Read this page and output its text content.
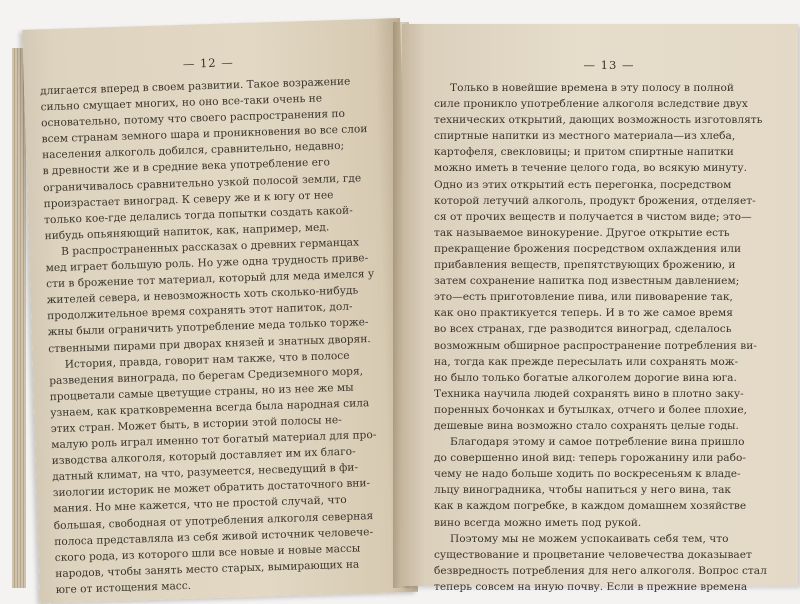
— 12 —

длигается вперед в своем развитии. Такое возражение

сильно смущает многих, но оно все-таки очень не

основательно, потому что своего распространения по

всем странам земного шара и проникновения во все слои

населения алкоголь добился, сравнительно, недавно;

в древности же и в средние века употребление его

ограничивалось сравнительно узкой полосой земли, где

произрастает виноград. К северу же и к югу от нее

только кое-где делались тогда попытки создать какой-

нибудь опьяняющий напиток, как, например, мед.

В распространенных рассказах о древних германцах

мед играет большую роль. Но уже одна трудность приве-

сти в брожение тот материал, который для меда имелся у

жителей севера, и невозможность хоть сколько-нибудь

продолжительное время сохранять этот напиток, дол-

жны были ограничить употребление меда только торже-

ственными пирами при дворах князей и знатных дворян.

История, правда, говорит нам также, что в полосе

разведения винограда, по берегам Средиземного моря,

процветали самые цветущие страны, но из нее же мы

узнаем, как кратковременна всегда была народная сила

этих стран. Может быть, в истории этой полосы не-

малую роль играл именно тот богатый материал для про-

изводства алкоголя, который доставляет им их благо-

датный климат, на что, разумеется, несведущий в фи-

зиологии историк не может обратить достаточного вни-

мания. Но мне кажется, что не простой случай, что

большая, свободная от употребления алкоголя северная

полоса представляла из себя живой источник человече-

ского рода, из которого шли все новые и новые массы

народов, чтобы занять место старых, вымирающих на

юге от истощения масс.

— 13 —

Только в новейшие времена в эту полосу в полной

силе проникло употребление алкоголя вследствие двух

технических открытий, дающих возможность изготовлять

спиртные напитки из местного материала—из хлеба,

картофеля, свекловицы; и притом спиртные напитки

можно иметь в течение целого года, во всякую минуту.

Одно из этих открытий есть перегонка, посредством

которой летучий алкоголь, продукт брожения, отделяет-

ся от прочих веществ и получается в чистом виде; это—

так называемое винокурение. Другое открытие есть

прекращение брожения посредством охлаждения или

прибавления веществ, препятствующих брожению, и

затем сохранение напитка под известным давлением;

это—есть приготовление пива, или пивоварение так,

как оно практикуется теперь. И в то же самое время

во всех странах, где разводится виноград, сделалось

возможным обширное распространение потребления ви-

на, тогда как прежде пересылать или сохранять мож-

но было только богатые алкоголем дорогие вина юга.

Техника научила людей сохранять вино в плотно заку-

поренных бочонках и бутылках, отчего и более плохие,

дешевые вина возможно стало сохранять целые годы.

Благодаря этому и самое потребление вина пришло

до совершенно иной вид: теперь горожанину или рабо-

чему не надо больше ходить по воскресеньям к владе-

льцу виноградника, чтобы напиться у него вина, так

как в каждом погребке, в каждом домашнем хозяйстве

вино всегда можно иметь под рукой.

Поэтому мы не можем успокаивать себя тем, что

существование и процветание человечества доказывает

безвредность потребления для него алкоголя. Вопрос стал

теперь совсем на иную почву. Если в прежние времена
